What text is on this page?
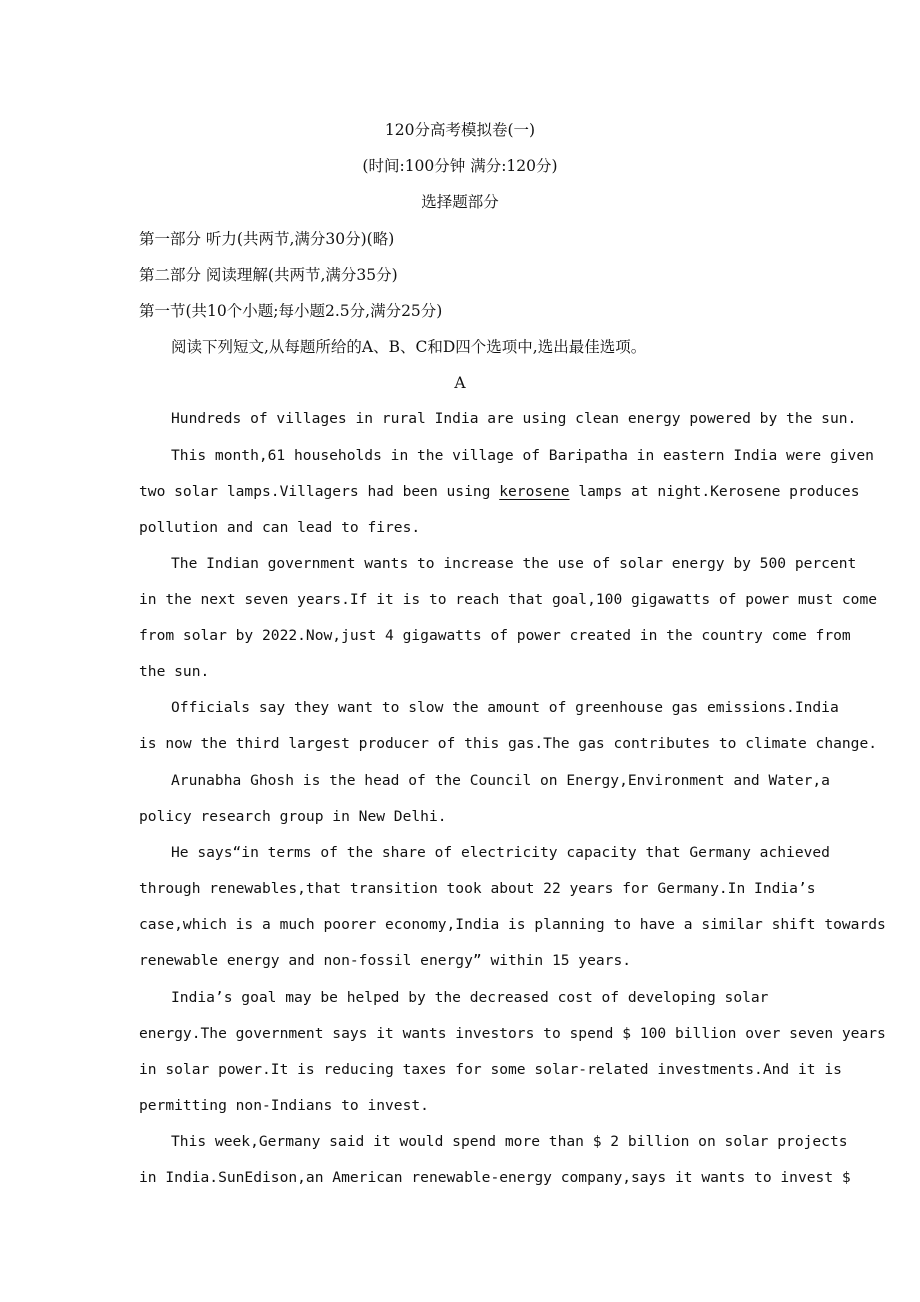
120分高考模拟卷(一)
(时间:100分钟 满分:120分)
选择题部分
第一部分 听力(共两节,满分30分)(略)
第二部分 阅读理解(共两节,满分35分)
第一节(共10个小题;每小题2.5分,满分25分)
阅读下列短文,从每题所给的A、B、C和D四个选项中,选出最佳选项。
A
Hundreds of villages in rural India are using clean energy powered by the sun.
This month,61 households in the village of Baripatha in eastern India were given
two solar lamps.Villagers had been using kerosene lamps at night.Kerosene produces
pollution and can lead to fires.
The Indian government wants to increase the use of solar energy by 500 percent
in the next seven years.If it is to reach that goal,100 gigawatts of power must come
from solar by 2022.Now,just 4 gigawatts of power created in the country come from
the sun.
Officials say they want to slow the amount of greenhouse gas emissions.India
is now the third largest producer of this gas.The gas contributes to climate change.
Arunabha Ghosh is the head of the Council on Energy,Environment and Water,a
policy research group in New Delhi.
He says“in terms of the share of electricity capacity that Germany achieved
through renewables,that transition took about 22 years for Germany.In India’s
case,which is a much poorer economy,India is planning to have a similar shift towards
renewable energy and non-fossil energy” within 15 years.
India’s goal may be helped by the decreased cost of developing solar
energy.The government says it wants investors to spend $ 100 billion over seven years
in solar power.It is reducing taxes for some solar-related investments.And it is
permitting non-Indians to invest.
This week,Germany said it would spend more than $ 2 billion on solar projects
in India.SunEdison,an American renewable-energy company,says it wants to invest $
